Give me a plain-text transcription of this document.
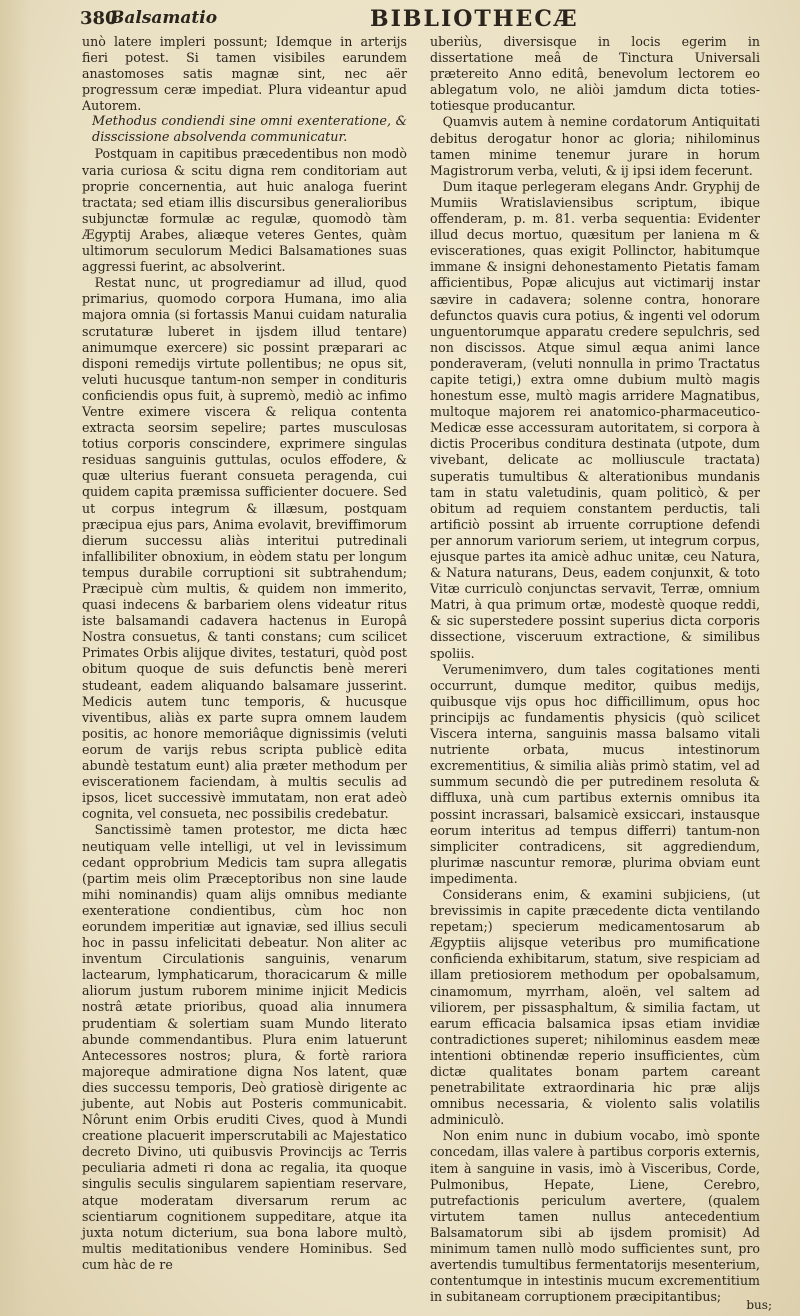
380
Balsamatio	BIBLIOTHECÆ

unò latere impleri possunt; Idemque in arterijs fieri potest. Si tamen visibiles earundem anastomoses satis magnæ sint, nec aër progressum ceræ impediat. Plura videantur apud Autorem.

Methodus condiendi sine omni exenteratione, & disscissione absolvenda communicatur.

Postquam in capitibus præcedentibus non modò varia curiosa & scitu digna rem conditoriam aut proprie concernentia, aut huic analoga fuerint tractata; sed etiam illis discursibus generalioribus subjunctæ formulæ ac regulæ, quomodò tàm Ægyptij Arabes, aliæque veteres Gentes, quàm ultimorum seculorum Medici Balsamationes suas aggressi fuerint, ac absolverint.

Restat nunc, ut progrediamur ad illud, quod primarius, quomodo corpora Humana, imo alia majora omnia (si fortassis Manui cuidam naturalia scrutaturæ luberet in ijsdem illud tentare) animumque exercere) sic possint præparari ac disponi remedijs virtute pollentibus; ne opus sit, veluti hucusque tantum-non semper in condituris conficiendis opus fuit, à supremò, mediò ac infimo Ventre eximere viscera & reliqua contenta extracta seorsim sepelire; partes musculosas totius corporis conscindere, exprimere singulas residuas sanguinis guttulas, oculos effodere, & quæ ulterius fuerant consueta peragenda, cui quidem capita præmissa sufficienter docuere. Sed ut corpus integrum & illæsum, postquam præcipua ejus pars, Anima evolavit, breviffimorum dierum successu aliàs interitui putredinali infallibiliter obnoxium, in eòdem statu per longum tempus durabile corruptioni sit subtrahendum; Præcipuè cùm multis, & quidem non immerito, quasi indecens & barbariem olens videatur ritus iste balsamandi cadavera hactenus in Europâ Nostra consuetus, & tanti constans; cum scilicet Primates Orbis alijque divites, testaturi, quòd post obitum quoque de suis defunctis benè mereri studeant, eadem aliquando balsamare jusserint. Medicis autem tunc temporis, & hucusque viventibus, aliàs ex parte supra omnem laudem positis, ac honore memoriâque dignissimis (veluti eorum de varijs rebus scripta publicè edita abundè testatum eunt) alia præter methodum per eviscerationem faciendam, à multis seculis ad ipsos, licet successivè immutatam, non erat adeò cognita, vel consueta, nec possibilis credebatur.

Sanctissimè tamen protestor, me dicta hæc neutiquam velle intelligi, ut vel in levissimum cedant opprobrium Medicis tam supra allegatis (partim meis olim Præceptoribus non sine laude mihi nominandis) quam alijs omnibus mediante exenteratione condientibus, cùm hoc non eorundem imperitiæ aut ignaviæ, sed illius seculi hoc in passu infelicitati debeatur. Non aliter ac inventum Circulationis sanguinis, venarum lactearum, lymphaticarum, thoracicarum & mille aliorum justum ruborem minime injicit Medicis nostrâ ætate prioribus, quoad alia innumera prudentiam & solertiam suam Mundo literato abunde commendantibus. Plura enim latuerunt Antecessores nostros; plura, & fortè rariora majoreque admiratione digna Nos latent, quæ dies successu temporis, Deò gratiosè dirigente ac jubente, aut Nobis aut Posteris communicabit. Nôrunt enim Orbis eruditi Cives, quod à Mundi creatione placuerit imperscrutabili ac Majestatico decreto Divino, uti quibusvis Provincijs ac Terris peculiaria admeti ri dona ac regalia, ita quoque singulis seculis singularem sapientiam reservare, atque moderatam diversarum rerum ac scientiarum cognitionem suppeditare, atque ita juxta notum dicterium, sua bona labore multò, multis meditationibus vendere Hominibus. Sed cum hàc de re

uberiùs, diversisque in locis egerim in dissertatione meâ de Tinctura Universali prætereito Anno editâ, benevolum lectorem eo ablegatum volo, ne aliòi jamdum dicta toties-totiesque producantur.

Quamvis autem à nemine cordatorum Antiquitati debitus derogatur honor ac gloria; nihilominus tamen minime tenemur jurare in horum Magistrorum verba, veluti, & ij ipsi idem fecerunt.

Dum itaque perlegeram elegans Andr. Gryphij de Mumiis Wratislaviensibus scriptum, ibique offenderam, p. m. 81. verba sequentia: Evidenter illud decus mortuo, quæsitum per laniena m & eviscerationes, quas exigit Pollinctor, habitumque immane & insigni dehonestamento Pietatis famam afficientibus, Popæ alicujus aut victimarij instar sævire in cadavera; solenne contra, honorare defunctos quavis cura potius, & ingenti vel odorum unguentorumque apparatu credere sepulchris, sed non discissos. Atque simul æqua animi lance ponderaveram, (veluti nonnulla in primo Tractatus capite tetigi,) extra omne dubium multò magis honestum esse, multò magis arridere Magnatibus, multoque majorem rei anatomico-pharmaceutico-Medicæ esse accessuram autoritatem, si corpora à dictis Proceribus conditura destinata (utpote, dum vivebant, delicate ac molliuscule tractata) superatis tumultibus & alterationibus mundanis tam in statu valetudinis, quam politicò, & per obitum ad requiem constantem perductis, tali artificiò possint ab irruente corruptione defendi per annorum variorum seriem, ut integrum corpus, ejusque partes ita amicè adhuc unitæ, ceu Natura, & Natura naturans, Deus, eadem conjunxit, & toto Vitæ curriculò conjunctas servavit, Terræ, omnium Matri, à qua primum ortæ, modestè quoque reddi, & sic superstedere possint superius dicta corporis dissectione, visceruum extractione, & similibus spoliis.

Verumenimvero, dum tales cogitationes menti occurrunt, dumque meditor, quibus medijs, quibusque vijs opus hoc difficillimum, opus hoc principijs ac fundamentis physicis (quò scilicet Viscera interna, sanguinis massa balsamo vitali nutriente orbata, mucus intestinorum excrementitius, & similia aliàs primò statim, vel ad summum secundò die per putredinem resoluta & diffluxa, unà cum partibus externis omnibus ita possint incrassari, balsamicè exsiccari, instausque eorum interitus ad tempus differri) tantum-non simpliciter contradicens, sit aggrediendum, plurimæ nascuntur remoræ, plurima obviam eunt impedimenta.

Considerans enim, & examini subjiciens, (ut brevissimis in capite præcedente dicta ventilando repetam;) specierum medicamentosarum ab Ægyptiis alijsque veteribus pro mumificatione conficienda exhibitarum, statum, sive respiciam ad illam pretiosiorem methodum per opobalsamum, cinamomum, myrrham, aloën, vel saltem ad viliorem, per pissasphaltum, & similia factam, ut earum efficacia balsamica ipsas etiam invidiæ contradictiones superet; nihilominus easdem meæ intentioni obtinendæ reperio insufficientes, cùm dictæ qualitates bonam partem careant penetrabilitate extraordinaria hic præ alijs omnibus necessaria, & violento salis volatilis adminiculò.

Non enim nunc in dubium vocabo, imò sponte concedam, illas valere à partibus corporis externis, item à sanguine in vasis, imò à Visceribus, Corde, Pulmonibus, Hepate, Liene, Cerebro, putrefactionis periculum avertere, (qualem virtutem tamen nullus antecedentium Balsamatorum sibi ab ijsdem promisit) Ad minimum tamen nullò modo sufficientes sunt, pro avertendis tumultibus fermentatorijs mesenterium, contentumque in intestinis mucum excrementitium in subitaneam corruptionem præcipitantibus;

bus;
